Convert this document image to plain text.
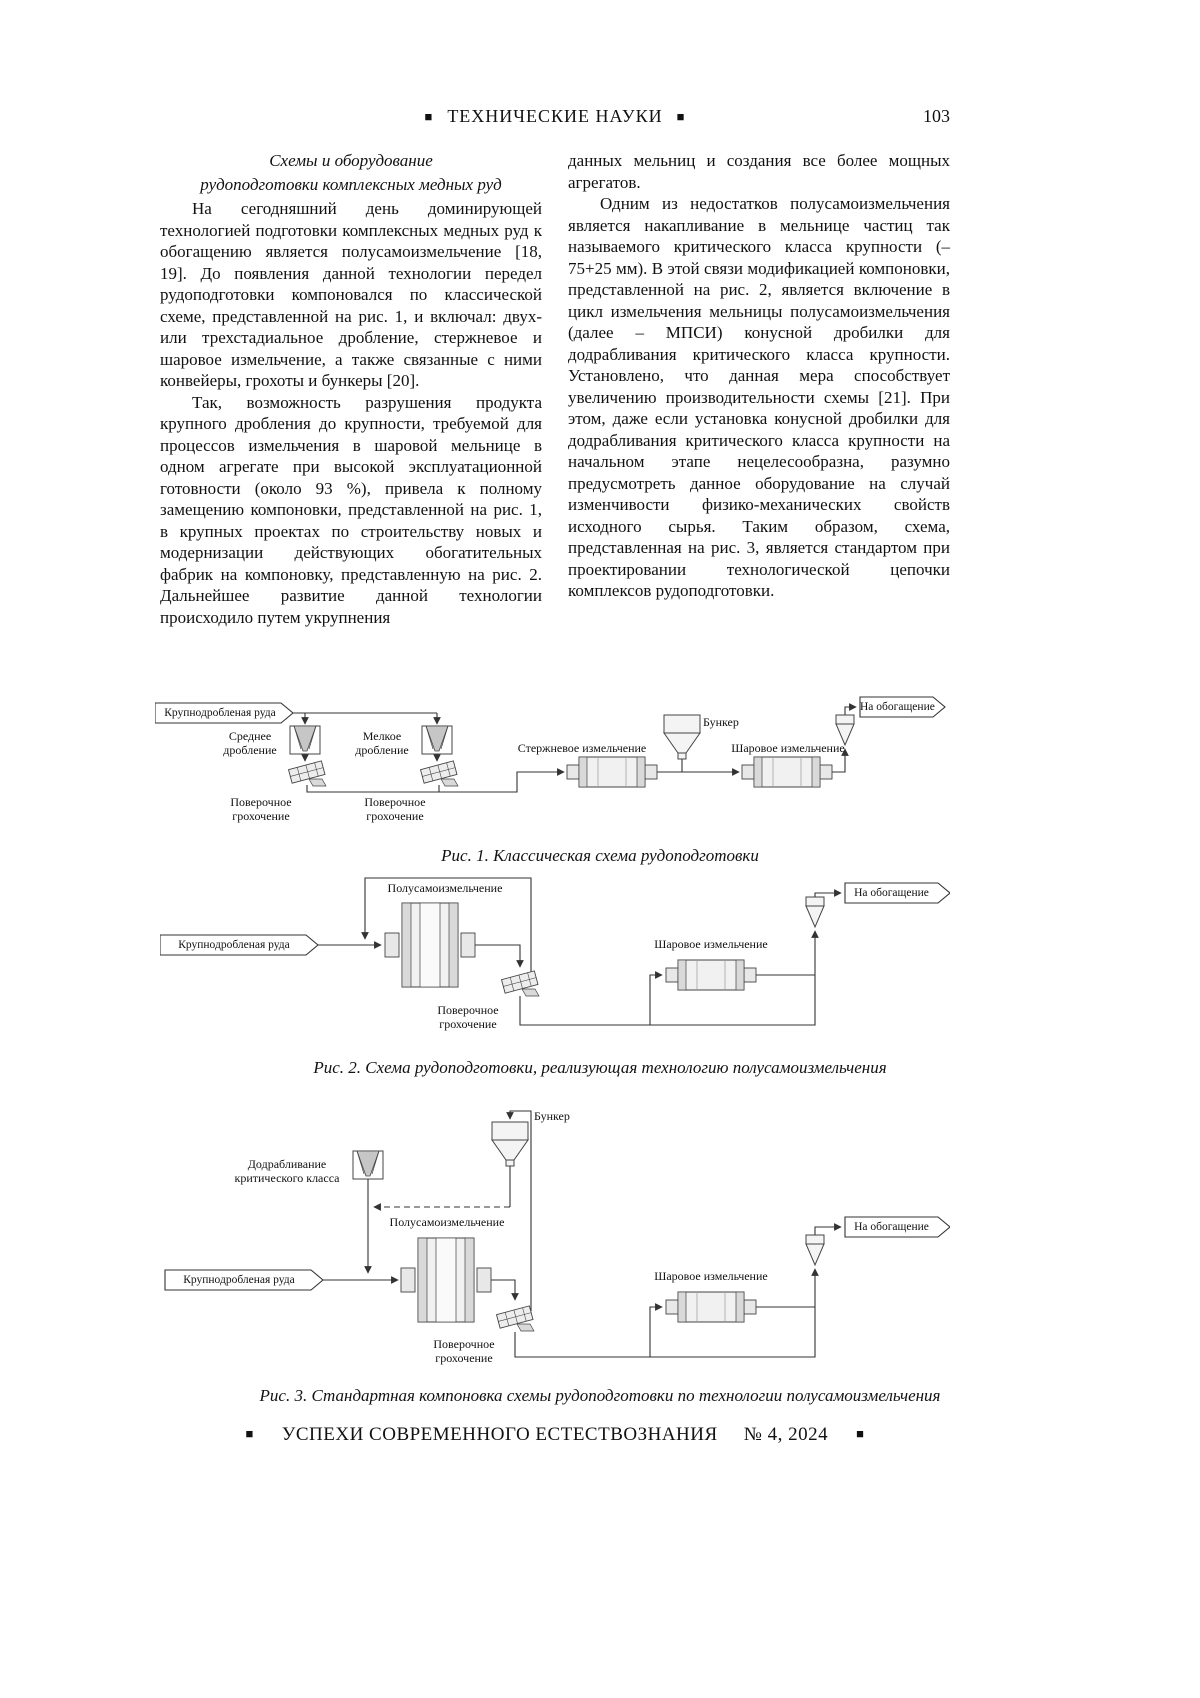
■ ТЕХНИЧЕСКИЕ НАУКИ ■	103
Схемы и оборудование
рудоподготовки комплексных медных руд

На сегодняшний день доминирующей технологией подготовки комплексных медных руд к обогащению является полусамоизмельчение [18, 19]. До появления данной технологии передел рудоподготовки компоновался по классической схеме, представленной на рис. 1, и включал: двух- или трехстадиальное дробление, стержневое и шаровое измельчение, а также связанные с ними конвейеры, грохоты и бункеры [20].

Так, возможность разрушения продукта крупного дробления до крупности, требуемой для процессов измельчения в шаровой мельнице в одном агрегате при высокой эксплуатационной готовности (около 93 %), привела к полному замещению компоновки, представленной на рис. 1, в крупных проектах по строительству новых и модернизации действующих обогатительных фабрик на компоновку, представленную на рис. 2. Дальнейшее развитие данной технологии происходило путем укрупнения

данных мельниц и создания все более мощных агрегатов.

Одним из недостатков полусамоизмельчения является накапливание в мельнице частиц так называемого критического класса крупности (–75+25 мм). В этой связи модификацией компоновки, представленной на рис. 2, является включение в цикл измельчения мельницы полусамоизмельчения (далее – МПСИ) конусной дробилки для додрабливания критического класса крупности. Установлено, что данная мера способствует увеличению производительности схемы [21]. При этом, даже если установка конусной дробилки для додрабливания критического класса крупности на начальном этапе нецелесообразна, разумно предусмотреть данное оборудование на случай изменчивости физико-механических свойств исходного сырья. Таким образом, схема, представленная на рис. 3, является стандартом при проектировании технологической цепочки комплексов рудоподготовки.

Крупнодробленая руда
Среднее дробление
Мелкое дробление
Поверочное грохочение
Поверочное грохочение
Стержневое измельчение
Бункер
Шаровое измельчение
На обогащение
Рис. 1. Классическая схема рудоподготовки
Полусамоизмельчение
Крупнодробленая руда
Поверочное грохочение
Шаровое измельчение
На обогащение
Рис. 2. Схема рудоподготовки, реализующая технологию полусамоизмельчения
Бункер
Додрабливание критического класса
Полусамоизмельчение
Крупнодробленая руда
Поверочное грохочение
Шаровое измельчение
На обогащение
Рис. 3. Стандартная компоновка схемы рудоподготовки по технологии полусамоизмельчения
■ УСПЕХИ СОВРЕМЕННОГО ЕСТЕСТВОЗНАНИЯ № 4, 2024 ■
